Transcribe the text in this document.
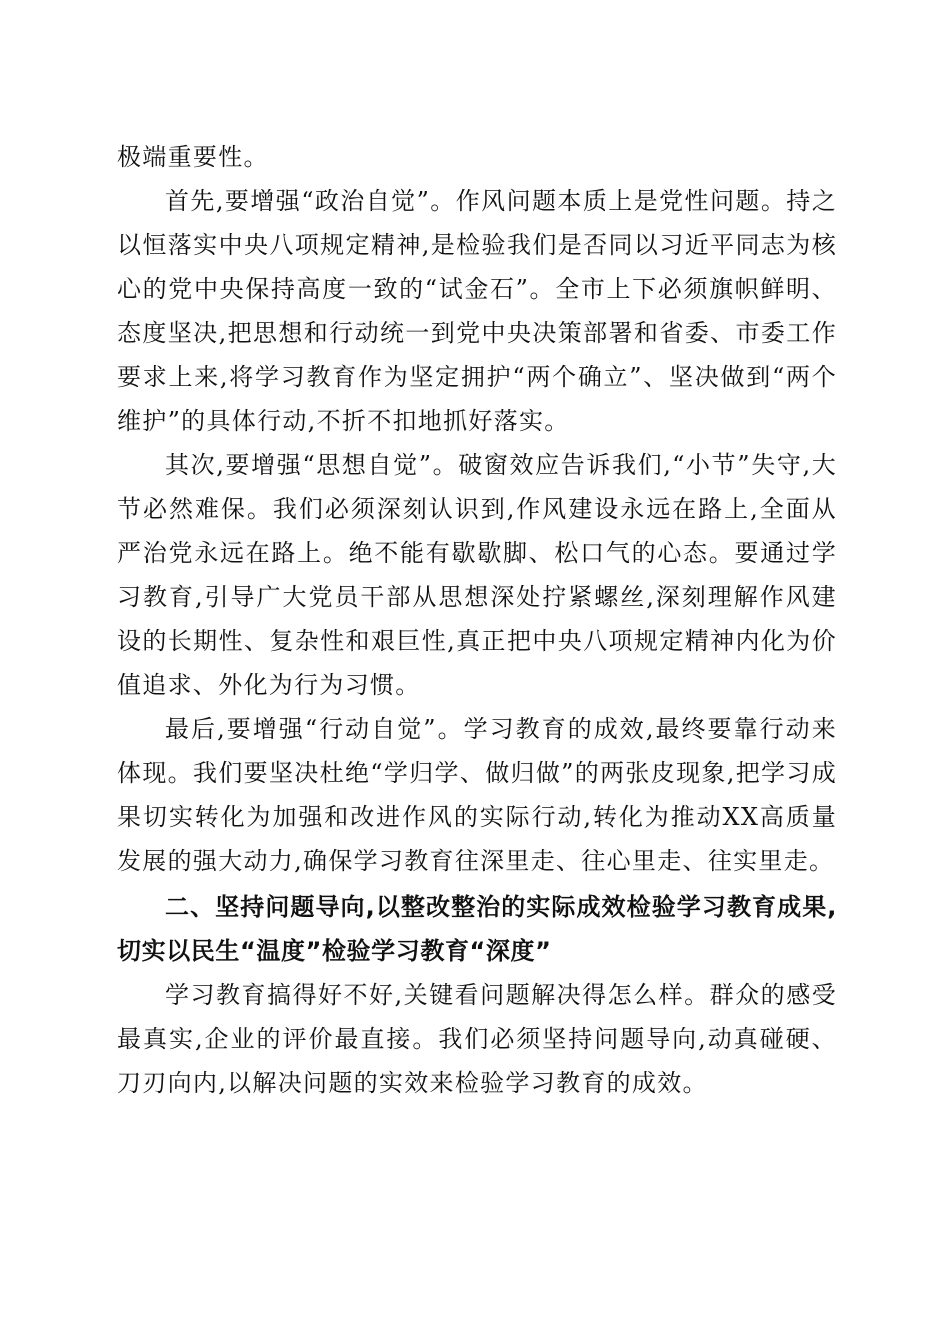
极端重要性。

首先,要增强“政治自觉”。作风问题本质上是党性问题。持之以恒落实中央八项规定精神,是检验我们是否同以习近平同志为核心的党中央保持高度一致的“试金石”。全市上下必须旗帜鲜明、态度坚决,把思想和行动统一到党中央决策部署和省委、市委工作要求上来,将学习教育作为坚定拥护“两个确立”、坚决做到“两个维护”的具体行动,不折不扣地抓好落实。

其次,要增强“思想自觉”。破窗效应告诉我们,“小节”失守,大节必然难保。我们必须深刻认识到,作风建设永远在路上,全面从严治党永远在路上。绝不能有歇歇脚、松口气的心态。要通过学习教育,引导广大党员干部从思想深处拧紧螺丝,深刻理解作风建设的长期性、复杂性和艰巨性,真正把中央八项规定精神内化为价值追求、外化为行为习惯。

最后,要增强“行动自觉”。学习教育的成效,最终要靠行动来体现。我们要坚决杜绝“学归学、做归做”的两张皮现象,把学习成果切实转化为加强和改进作风的实际行动,转化为推动XX高质量发展的强大动力,确保学习教育往深里走、往心里走、往实里走。

二、坚持问题导向,以整改整治的实际成效检验学习教育成果,切实以民生“温度”检验学习教育“深度”

学习教育搞得好不好,关键看问题解决得怎么样。群众的感受最真实,企业的评价最直接。我们必须坚持问题导向,动真碰硬、刀刃向内,以解决问题的实效来检验学习教育的成效。
